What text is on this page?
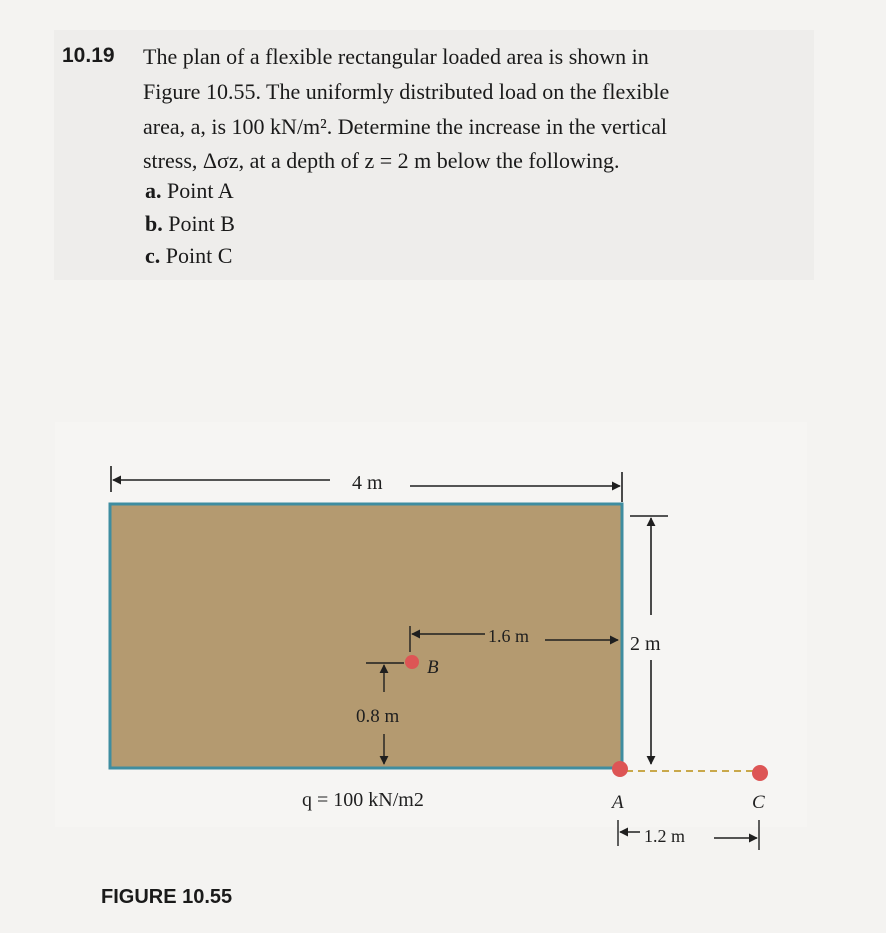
10.19 The plan of a flexible rectangular loaded area is shown in
Figure 10.55. The uniformly distributed load on the flexible
area, a, is 100 kN/m². Determine the increase in the vertical
stress, Δσz, at a depth of z = 2 m below the following.
a. Point A
b. Point B
c. Point C
4 m
2 m
1.6 m
B
0.8 m
q = 100 kN/m2	A	C
1.2 m
FIGURE 10.55
